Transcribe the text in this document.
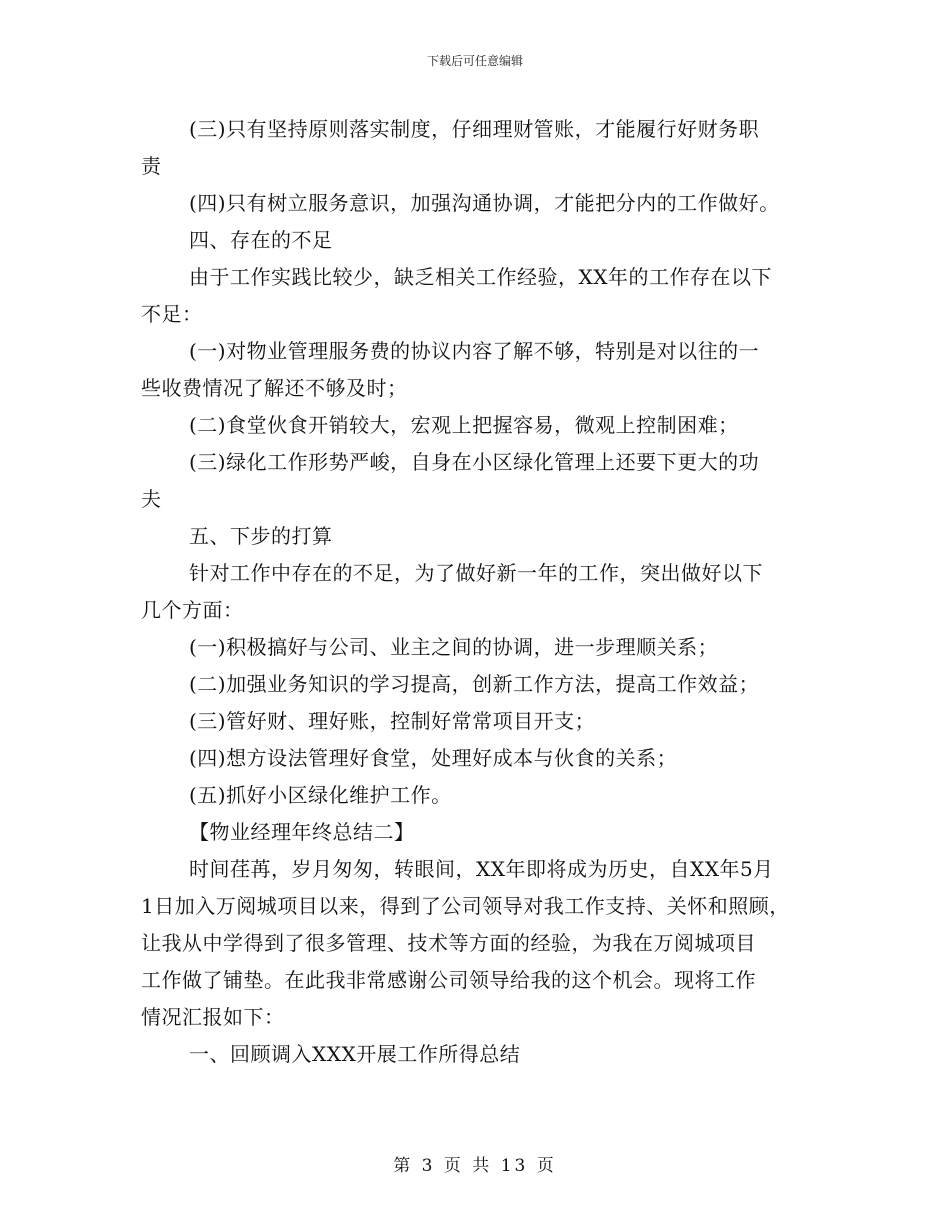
下载后可任意编辑
(三)只有坚持原则落实制度，仔细理财管账，才能履行好财务职
责
(四)只有树立服务意识，加强沟通协调，才能把分内的工作做好。
四、存在的不足
由于工作实践比较少，缺乏相关工作经验，XX年的工作存在以下
不足：
(一)对物业管理服务费的协议内容了解不够，特别是对以往的一
些收费情况了解还不够及时；
(二)食堂伙食开销较大，宏观上把握容易，微观上控制困难；
(三)绿化工作形势严峻，自身在小区绿化管理上还要下更大的功
夫
五、下步的打算
针对工作中存在的不足，为了做好新一年的工作，突出做好以下
几个方面：
(一)积极搞好与公司、业主之间的协调，进一步理顺关系；
(二)加强业务知识的学习提高，创新工作方法，提高工作效益；
(三)管好财、理好账，控制好常常项目开支；
(四)想方设法管理好食堂，处理好成本与伙食的关系；
(五)抓好小区绿化维护工作。
【物业经理年终总结二】
时间荏苒，岁月匆匆，转眼间，XX年即将成为历史，自XX年5月
1日加入万阅城项目以来，得到了公司领导对我工作支持、关怀和照顾，
让我从中学得到了很多管理、技术等方面的经验，为我在万阅城项目
工作做了铺垫。在此我非常感谢公司领导给我的这个机会。现将工作
情况汇报如下：
一、回顾调入XXX开展工作所得总结
第 3 页 共 13 页
